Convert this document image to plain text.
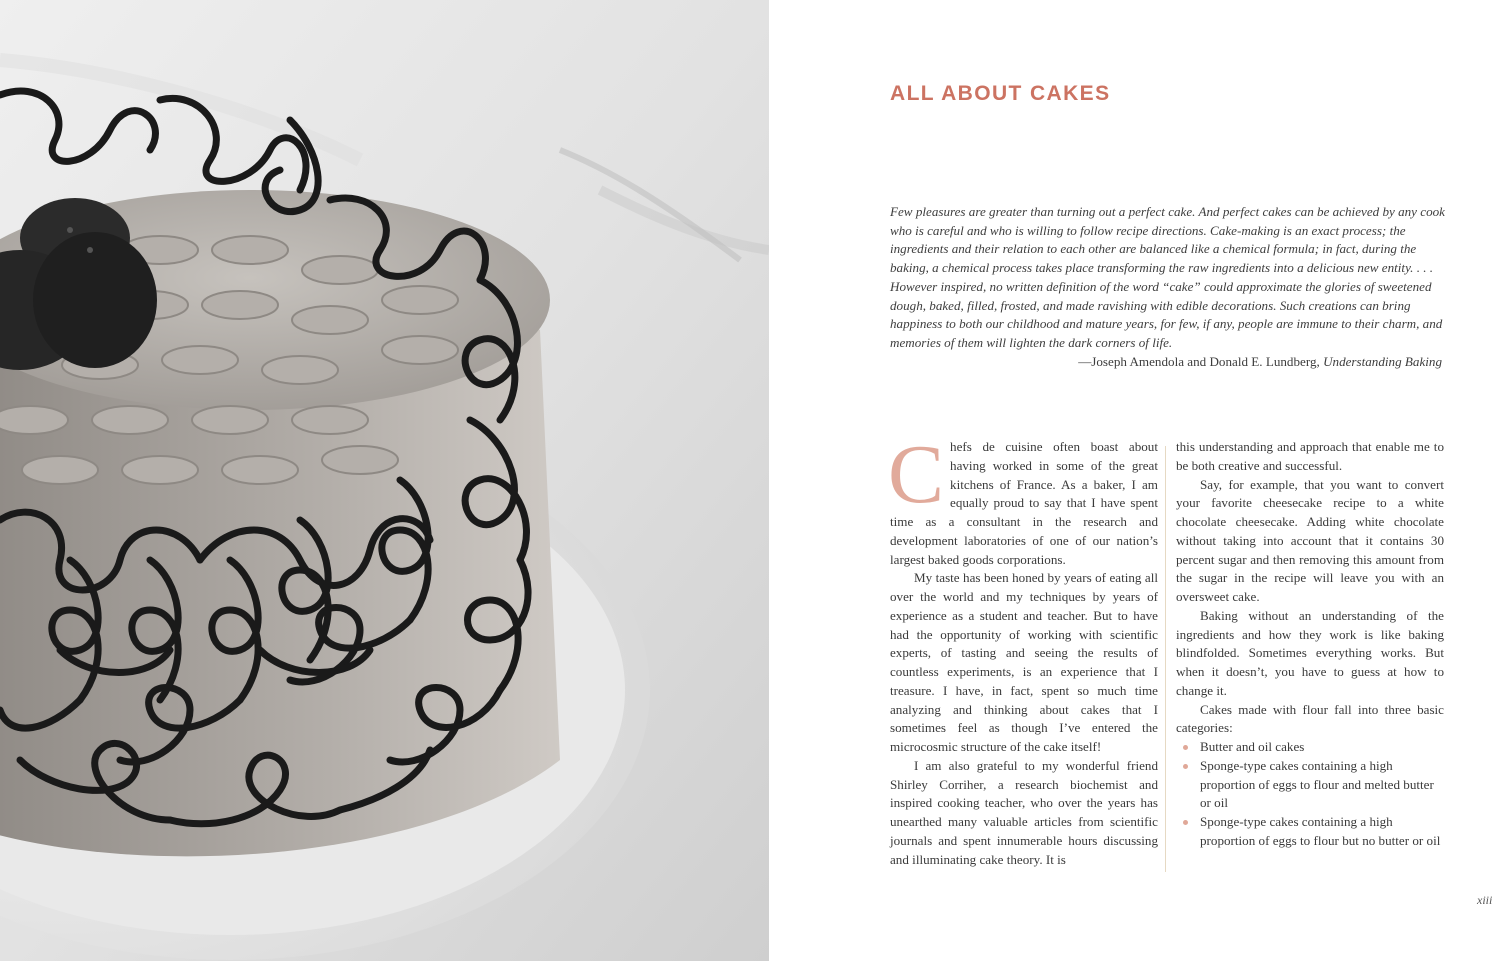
ALL ABOUT CAKES

Few pleasures are greater than turning out a perfect cake. And perfect cakes can be achieved by any cook who is careful and who is willing to follow recipe directions. Cake-making is an exact process; the ingredients and their relation to each other are balanced like a chemical formula; in fact, during the baking, a chemical process takes place transforming the raw ingredients into a delicious new entity. . . . However inspired, no written definition of the word “cake” could approximate the glories of sweetened dough, baked, filled, frosted, and made ravishing with edible decorations. Such creations can bring happiness to both our childhood and mature years, for few, if any, people are immune to their charm, and memories of them will lighten the dark corners of life.

—Joseph Amendola and Donald E. Lundberg, Understanding Baking

Chefs de cuisine often boast about having worked in some of the great kitchens of France. As a baker, I am equally proud to say that I have spent time as a consultant in the research and development laboratories of one of our nation’s largest baked goods corporations.

My taste has been honed by years of eating all over the world and my techniques by years of experience as a student and teacher. But to have had the opportunity of working with scientific experts, of tasting and seeing the results of countless experiments, is an experience that I treasure. I have, in fact, spent so much time analyzing and thinking about cakes that I sometimes feel as though I’ve entered the microcosmic structure of the cake itself!

I am also grateful to my wonderful friend Shirley Corriher, a research biochemist and inspired cooking teacher, who over the years has unearthed many valuable articles from scientific journals and spent innumerable hours discussing and illuminating cake theory. It is

this understanding and approach that enable me to be both creative and successful.

Say, for example, that you want to convert your favorite cheesecake recipe to a white chocolate cheesecake. Adding white chocolate without taking into account that it contains 30 percent sugar and then removing this amount from the sugar in the recipe will leave you with an oversweet cake.

Baking without an understanding of the ingredients and how they work is like baking blindfolded. Sometimes everything works. But when it doesn’t, you have to guess at how to change it.

Cakes made with flour fall into three basic categories:

Butter and oil cakes
Sponge-type cakes containing a high proportion of eggs to flour and melted butter or oil
Sponge-type cakes containing a high proportion of eggs to flour but no butter or oil
xiii
